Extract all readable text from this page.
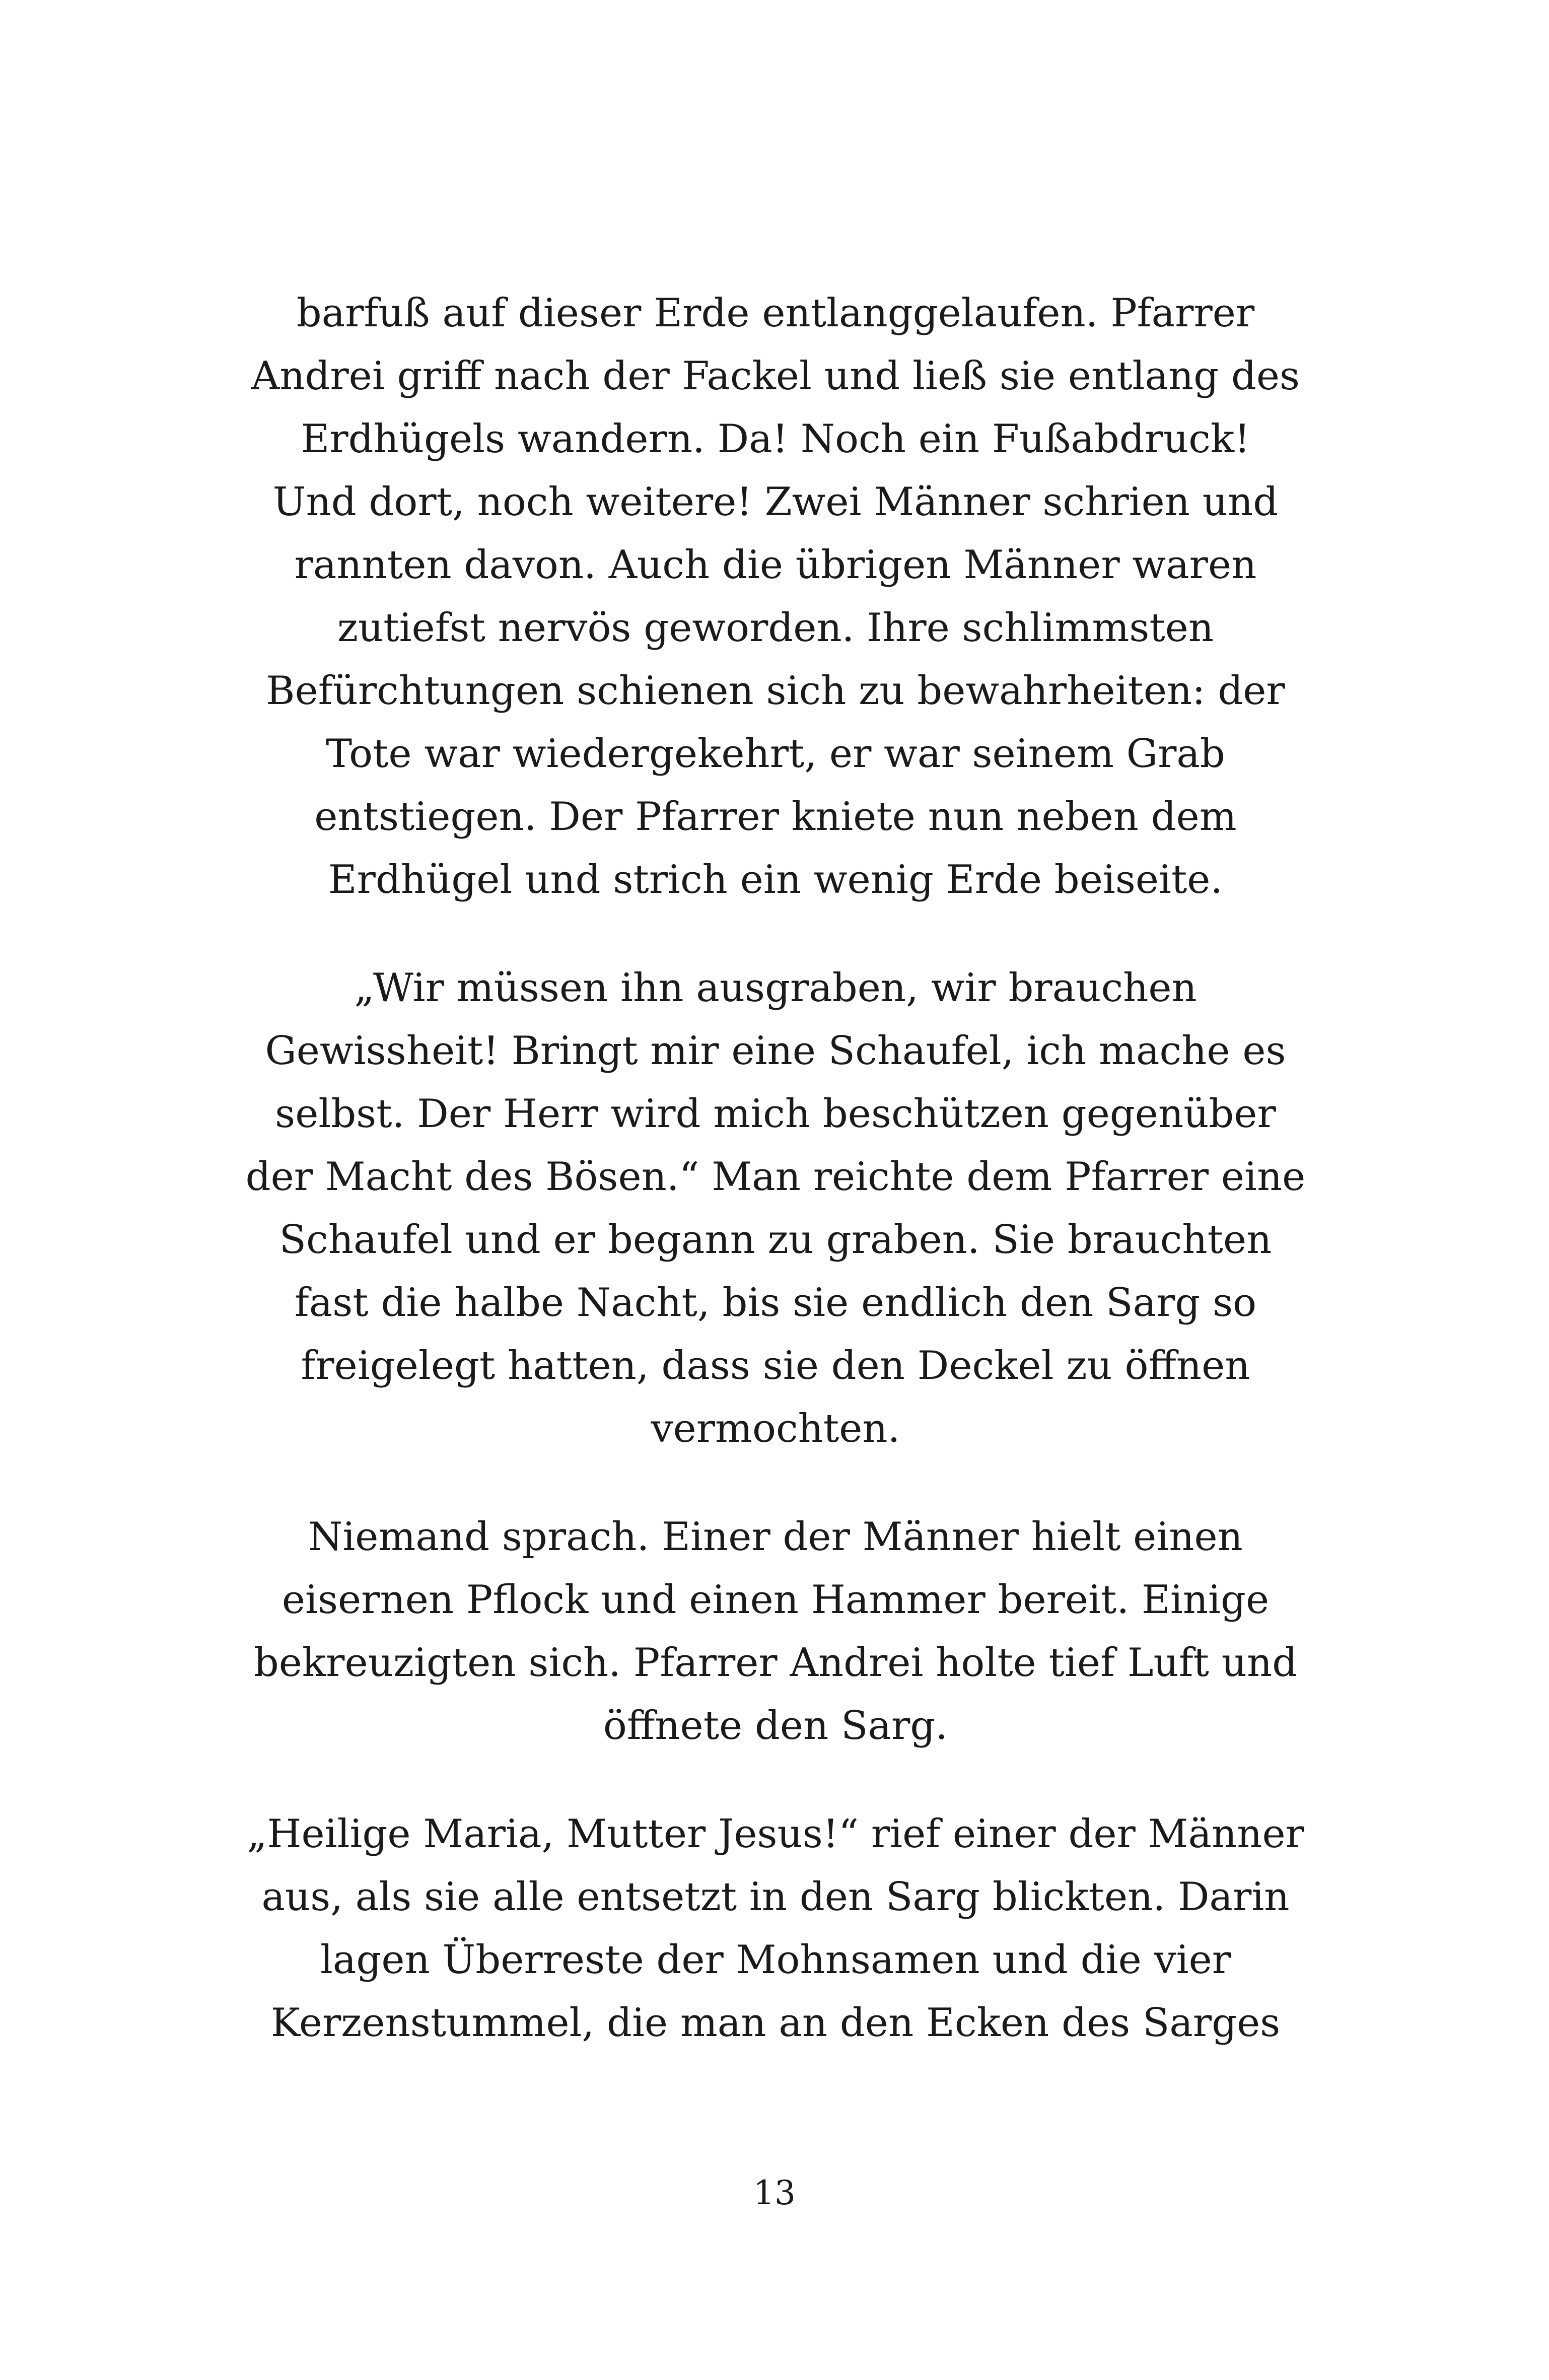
barfuß auf dieser Erde entlanggelaufen. Pfarrer
Andrei griff nach der Fackel und ließ sie entlang des
Erdhügels wandern. Da! Noch ein Fußabdruck!
Und dort, noch weitere! Zwei Männer schrien und
rannten davon. Auch die übrigen Männer waren
zutiefst nervös geworden. Ihre schlimmsten
Befürchtungen schienen sich zu bewahrheiten: der
Tote war wiedergekehrt, er war seinem Grab
entstiegen. Der Pfarrer kniete nun neben dem
Erdhügel und strich ein wenig Erde beiseite.

„Wir müssen ihn ausgraben, wir brauchen
Gewissheit! Bringt mir eine Schaufel, ich mache es
selbst. Der Herr wird mich beschützen gegenüber
der Macht des Bösen.“ Man reichte dem Pfarrer eine
Schaufel und er begann zu graben. Sie brauchten
fast die halbe Nacht, bis sie endlich den Sarg so
freigelegt hatten, dass sie den Deckel zu öffnen
vermochten.

Niemand sprach. Einer der Männer hielt einen
eisernen Pflock und einen Hammer bereit. Einige
bekreuzigten sich. Pfarrer Andrei holte tief Luft und
öffnete den Sarg.

„Heilige Maria, Mutter Jesus!“ rief einer der Männer
aus, als sie alle entsetzt in den Sarg blickten. Darin
lagen Überreste der Mohnsamen und die vier
Kerzenstummel, die man an den Ecken des Sarges

13
